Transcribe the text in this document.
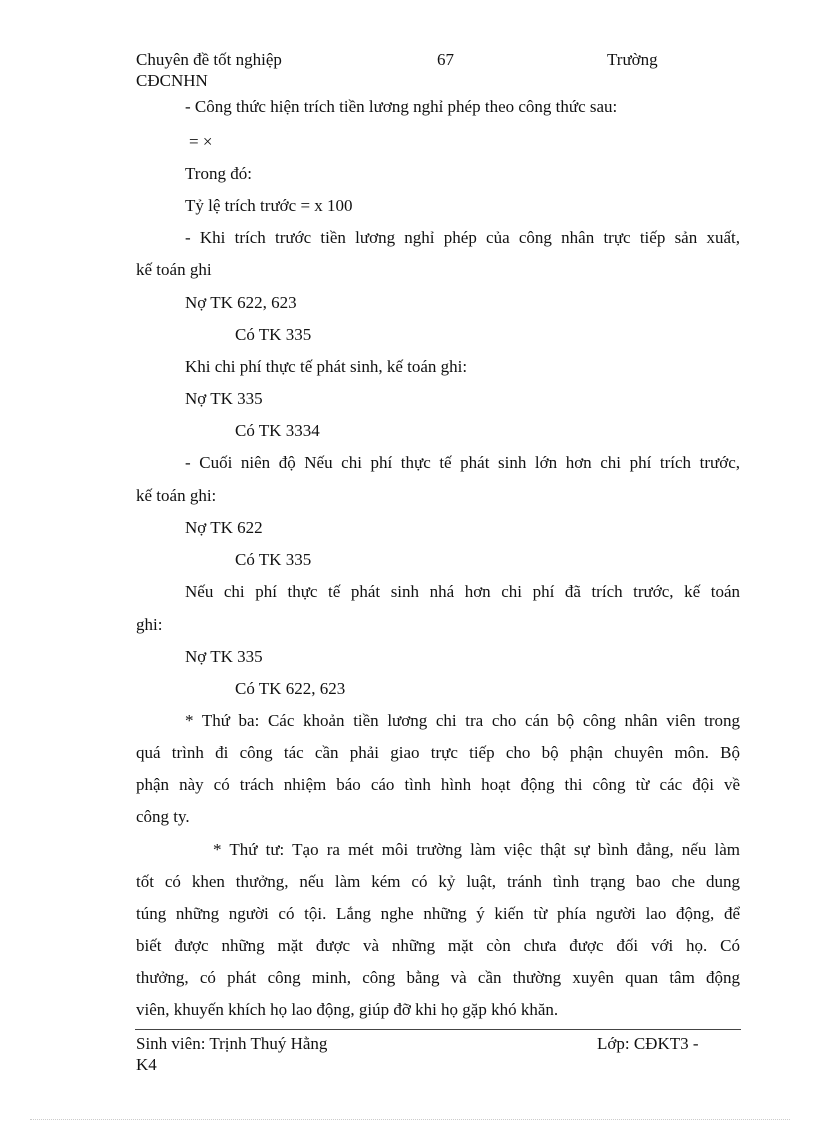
Chuyên đề tốt nghiệp	67	Trường
CĐCNHN
- Công thức hiện trích tiền lương nghỉ phép theo công thức sau:
= ×
Trong đó:
Tỷ lệ trích trước = x 100
- Khi trích trước tiền lương nghỉ phép của công nhân trực tiếp sản xuất,
kế toán ghi
Nợ TK 622, 623
Có TK 335
Khi chi phí thực tế phát sinh, kế toán ghi:
Nợ TK 335
Có TK 3334
- Cuối niên độ Nếu chi phí thực tế phát sinh lớn hơn chi phí trích trước,
kế toán ghi:
Nợ TK 622
Có TK 335
Nếu chi phí thực tế phát sinh nhá hơn chi phí đã trích trước, kế toán
ghi:
Nợ TK 335
Có TK 622, 623
* Thứ ba: Các khoản tiền lương chi tra cho cán bộ công nhân viên trong
quá trình đi công tác cần phải giao trực tiếp cho bộ phận chuyên môn. Bộ
phận này có trách nhiệm báo cáo tình hình hoạt động thi công từ các đội về
công ty.
* Thứ tư: Tạo ra mét môi trường làm việc thật sự bình đẳng, nếu làm
tốt có khen thưởng, nếu làm kém có kỷ luật, tránh tình trạng bao che dung
túng những người có tội. Lắng nghe những ý kiến từ phía người lao động, để
biết được những mặt được và những mặt còn chưa được đối với họ. Có
thưởng, có phát công minh, công bằng và cần thường xuyên quan tâm động
viên, khuyến khích họ lao động, giúp đỡ khi họ gặp khó khăn.
Sinh viên: Trịnh Thuý Hằng	Lớp: CĐKT3 -
K4
